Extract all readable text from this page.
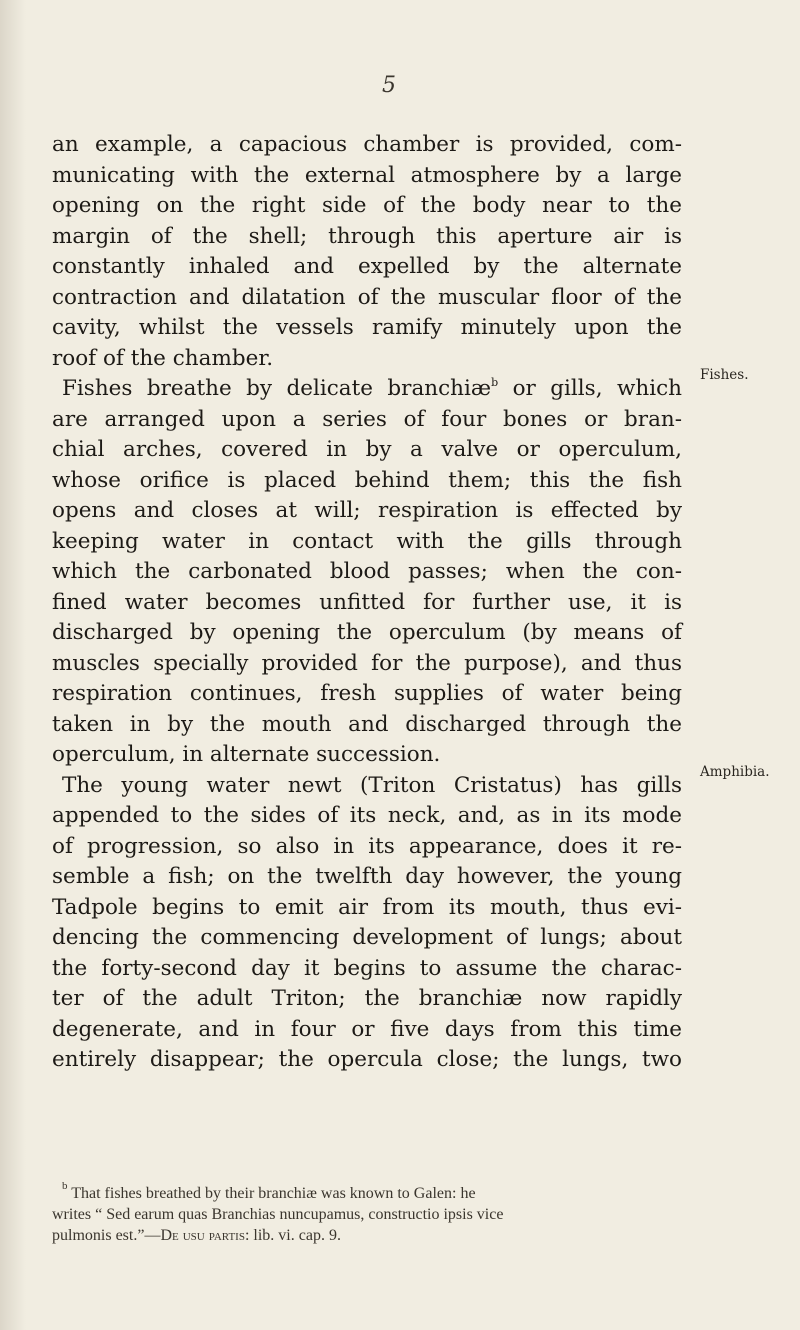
5
an example, a capacious chamber is provided, com-
municating with the external atmosphere by a large
opening on the right side of the body near to the
margin of the shell; through this aperture air is
constantly inhaled and expelled by the alternate
contraction and dilatation of the muscular floor of the
cavity, whilst the vessels ramify minutely upon the
roof of the chamber.
Fishes breathe by delicate branchiæ$^b$ or gills, which
are arranged upon a series of four bones or bran-
chial arches, covered in by a valve or operculum,
whose orifice is placed behind them; this the fish
opens and closes at will; respiration is effected by
keeping water in contact with the gills through
which the carbonated blood passes; when the con-
fined water becomes unfitted for further use, it is
discharged by opening the operculum (by means of
muscles specially provided for the purpose), and thus
respiration continues, fresh supplies of water being
taken in by the mouth and discharged through the
operculum, in alternate succession.
The young water newt (Triton Cristatus) has gills
appended to the sides of its neck, and, as in its mode
of progression, so also in its appearance, does it re-
semble a fish; on the twelfth day however, the young
Tadpole begins to emit air from its mouth, thus evi-
dencing the commencing development of lungs; about
the forty-second day it begins to assume the charac-
ter of the adult Triton; the branchiæ now rapidly
degenerate, and in four or five days from this time
entirely disappear; the opercula close; the lungs, two
Fishes.
Amphibia.
$^b$ That fishes breathed by their branchiæ was known to Galen: he
writes “ Sed earum quas Branchias nuncupamus, constructio ipsis vice
pulmonis est.”—De usu partis: lib. vi. cap. 9.
